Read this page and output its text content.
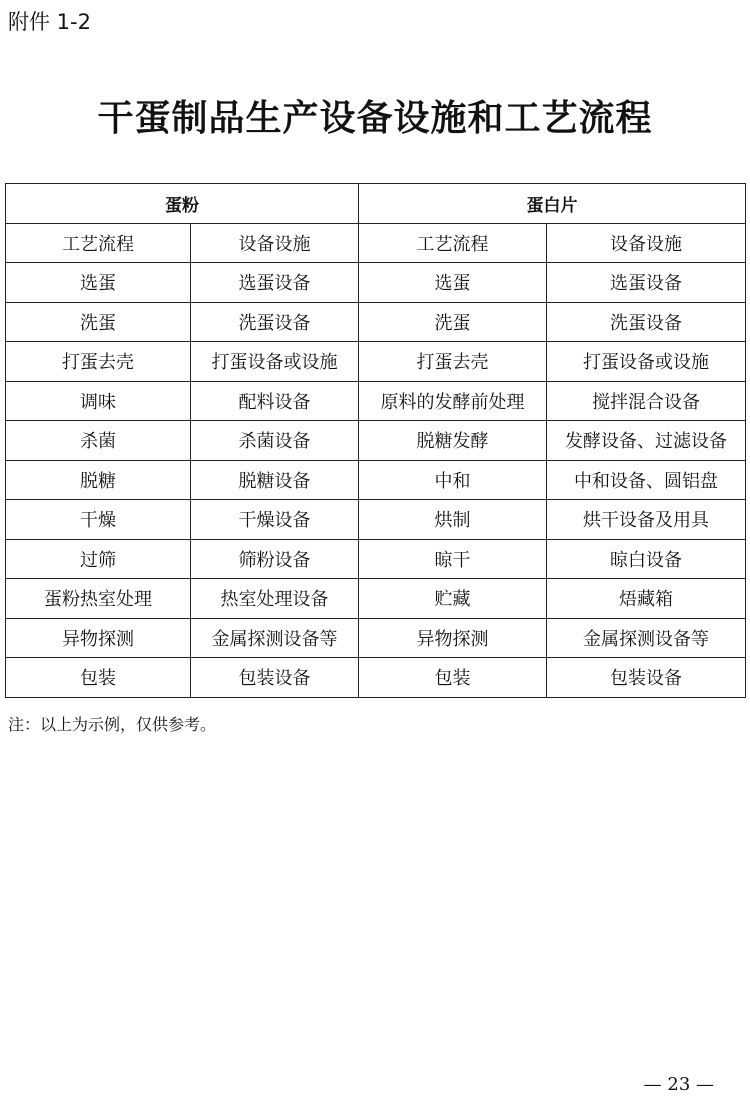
附件 1-2
干蛋制品生产设备设施和工艺流程
蛋粉		蛋白片	
工艺流程	设备设施	工艺流程	设备设施
选蛋	选蛋设备	选蛋	选蛋设备
洗蛋	洗蛋设备	洗蛋	洗蛋设备
打蛋去壳	打蛋设备或设施	打蛋去壳	打蛋设备或设施
调味	配料设备	原料的发酵前处理	搅拌混合设备
杀菌	杀菌设备	脱糖发酵	发酵设备、过滤设备
脱糖	脱糖设备	中和	中和设备、圆铝盘
干燥	干燥设备	烘制	烘干设备及用具
过筛	筛粉设备	晾干	晾白设备
蛋粉热室处理	热室处理设备	贮藏	焐藏箱
异物探测	金属探测设备等	异物探测	金属探测设备等
包装	包装设备	包装	包装设备
注：以上为示例，仅供参考。
— 23 —
